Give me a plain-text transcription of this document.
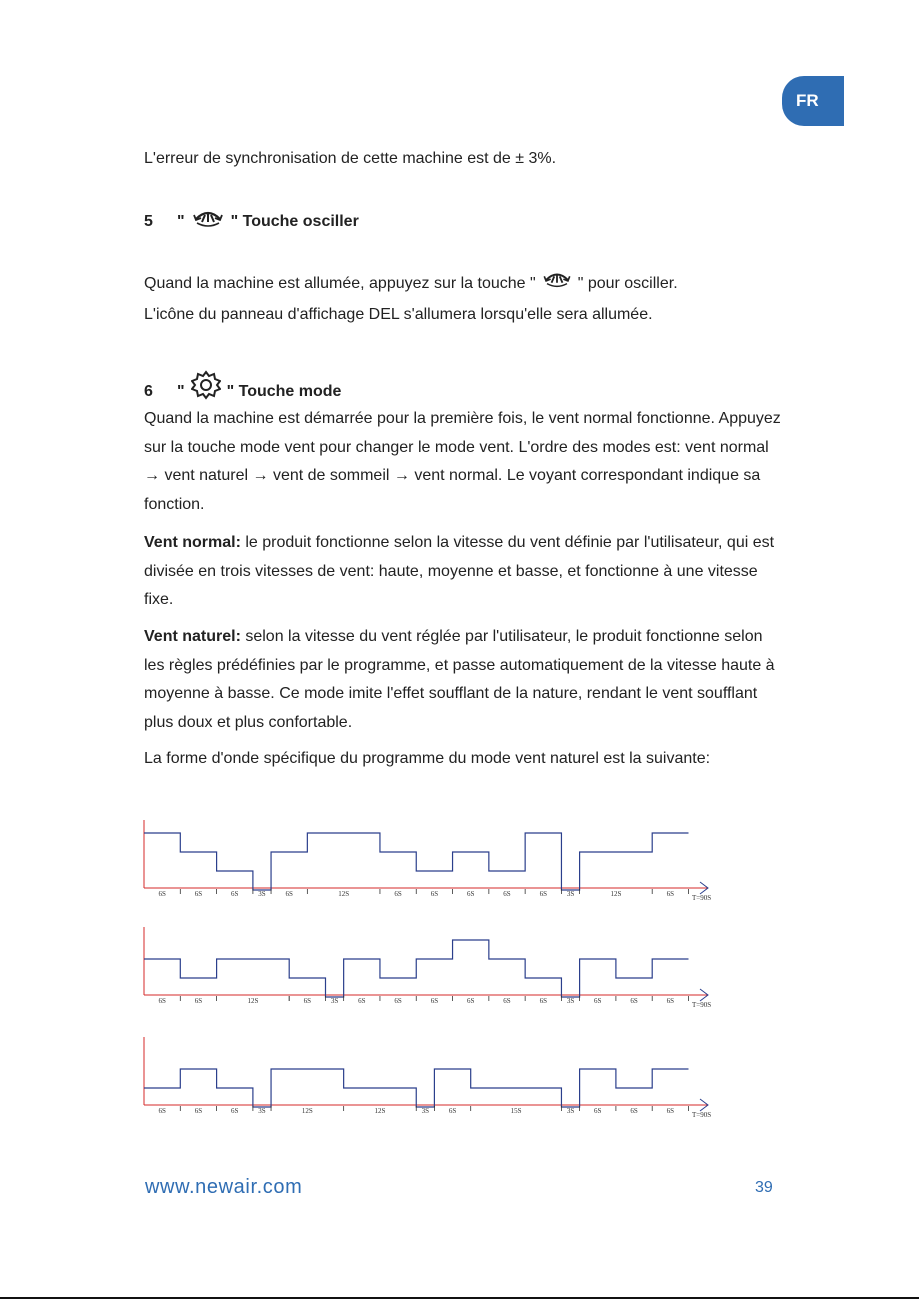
FR

L'erreur de synchronisation de cette machine est de ± 3%.

5 "	" Touche osciller

Quand la machine est allumée, appuyez sur la touche "	" pour osciller.
L'icône du panneau d'affichage DEL s'allumera lorsqu'elle sera allumée.

6 "	" Touche mode

Quand la machine est démarrée pour la première fois, le vent normal fonctionne. Appuyez sur la touche mode vent pour changer le mode vent. L'ordre des modes est: vent normal → vent naturel → vent de sommeil → vent normal. Le voyant correspondant indique sa fonction.

Vent normal: le produit fonctionne selon la vitesse du vent définie par l'utilisateur, qui est divisée en trois vitesses de vent: haute, moyenne et basse, et fonctionne à une vitesse fixe.

Vent naturel: selon la vitesse du vent réglée par l'utilisateur, le produit fonctionne selon les règles prédéfinies par le programme, et passe automatiquement de la vitesse haute à moyenne à basse. Ce mode imite l'effet soufflant de la nature, rendant le vent soufflant plus doux et plus confortable.

La forme d'onde spécifique du programme du mode vent naturel est la suivante:

T=90S
6S	6S	6S	3S	6S	12S	6S	6S	6S	6S	6S	3S	12S	6S
T=90S
6S	6S	12S	6S	3S	6S	6S	6S	6S	6S	6S	3S	6S	6S	6S
T=90S
6S	6S	6S	3S	12S	12S	3S	6S	15S	3S	6S	6S	6S
www.newair.com	39
